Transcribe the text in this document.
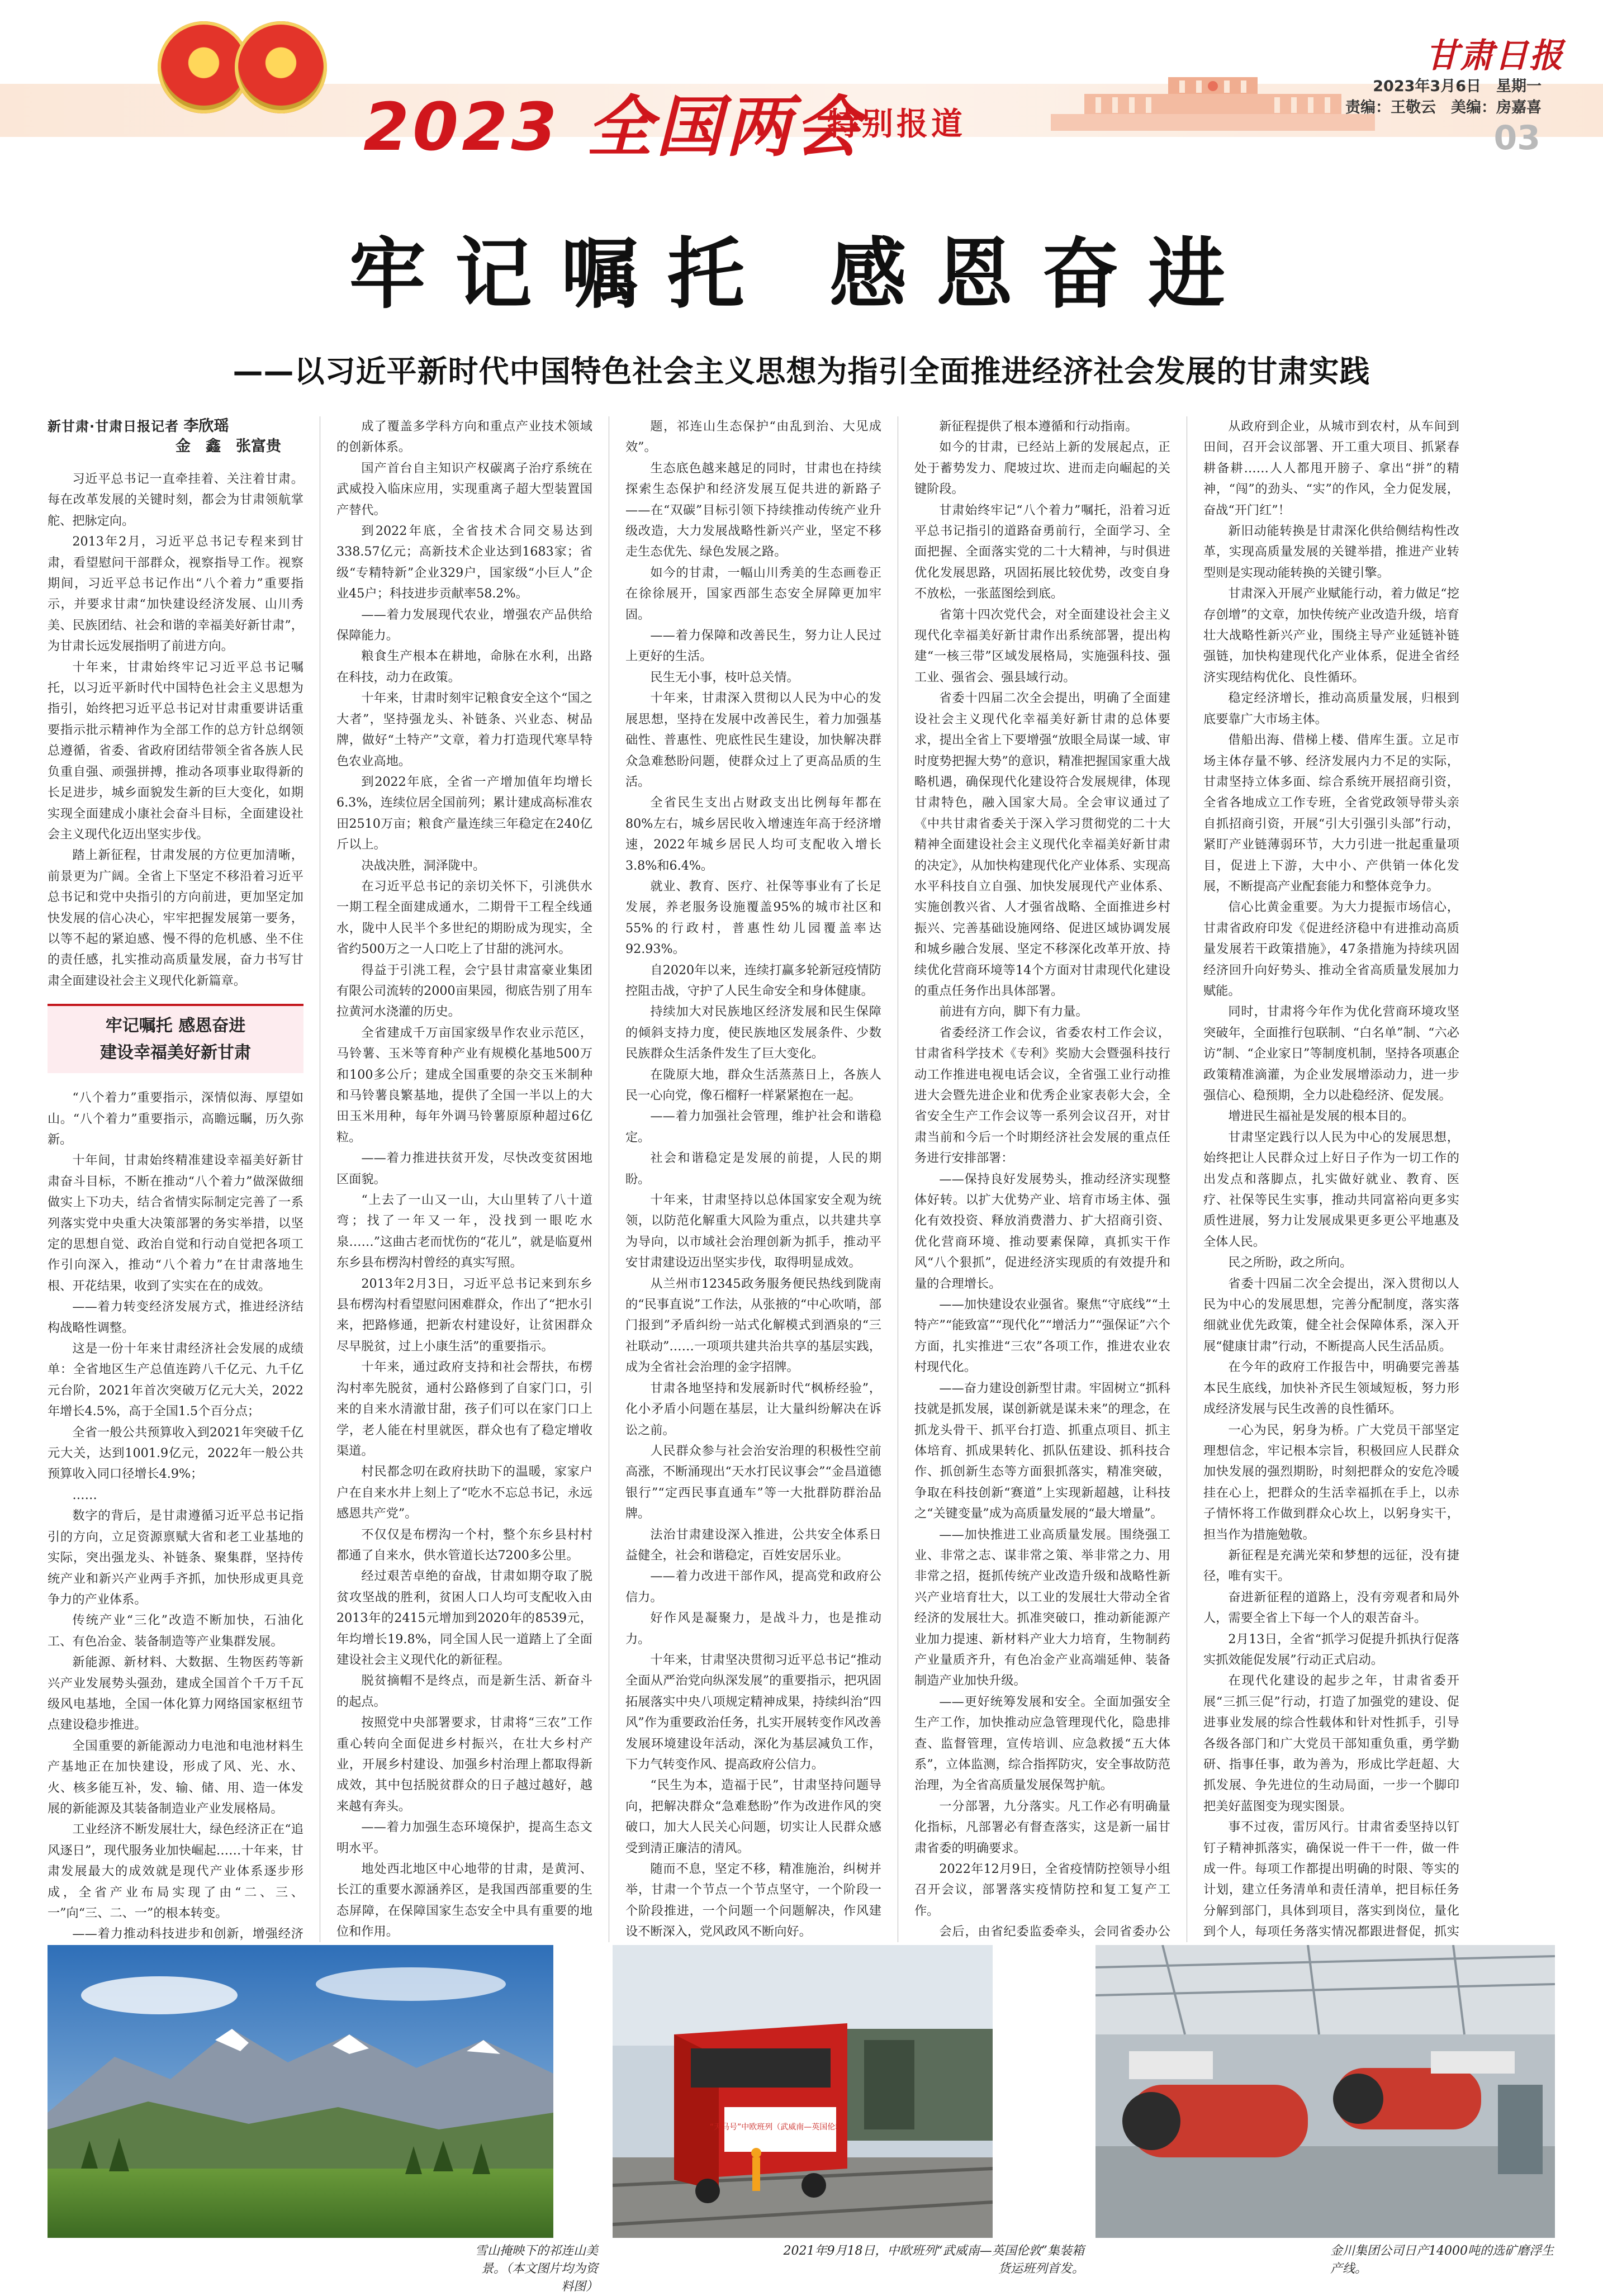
★
★
2023 全国两会
特别报道
甘肃日报
2023年3月6日　星期一
责编：王敬云　美编：房嘉喜
03
牢记嘱托 感恩奋进
——以习近平新时代中国特色社会主义思想为指引全面推进经济社会发展的甘肃实践
新甘肃·甘肃日报记者 李欣瑶
金　鑫　张富贵

习近平总书记一直牵挂着、关注着甘肃。每在改革发展的关键时刻，都会为甘肃领航掌舵、把脉定向。

2013年2月，习近平总书记专程来到甘肃，看望慰问干部群众，视察指导工作。视察期间，习近平总书记作出“八个着力”重要指示，并要求甘肃“加快建设经济发展、山川秀美、民族团结、社会和谐的幸福美好新甘肃”，为甘肃长远发展指明了前进方向。

十年来，甘肃始终牢记习近平总书记嘱托，以习近平新时代中国特色社会主义思想为指引，始终把习近平总书记对甘肃重要讲话重要指示批示精神作为全部工作的总方针总纲领总遵循，省委、省政府团结带领全省各族人民负重自强、顽强拼搏，推动各项事业取得新的长足进步，城乡面貌发生新的巨大变化，如期实现全面建成小康社会奋斗目标，全面建设社会主义现代化迈出坚实步伐。

踏上新征程，甘肃发展的方位更加清晰，前景更为广阔。全省上下坚定不移沿着习近平总书记和党中央指引的方向前进，更加坚定加快发展的信心决心，牢牢把握发展第一要务，以等不起的紧迫感、慢不得的危机感、坐不住的责任感，扎实推动高质量发展，奋力书写甘肃全面建设社会主义现代化新篇章。

牢记嘱托 感恩奋进
建设幸福美好新甘肃

“八个着力”重要指示，深情似海、厚望如山。“八个着力”重要指示，高瞻远瞩，历久弥新。

十年间，甘肃始终精准建设幸福美好新甘肃奋斗目标，不断在推动“八个着力”做深做细做实上下功夫，结合省情实际制定完善了一系列落实党中央重大决策部署的务实举措，以坚定的思想自觉、政治自觉和行动自觉把各项工作引向深入，推动“八个着力”在甘肃落地生根、开花结果，收到了实实在在的成效。

——着力转变经济发展方式，推进经济结构战略性调整。

这是一份十年来甘肃经济社会发展的成绩单：全省地区生产总值连跨八千亿元、九千亿元台阶，2021年首次突破万亿元大关，2022年增长4.5%，高于全国1.5个百分点；

全省一般公共预算收入到2021年突破千亿元大关，达到1001.9亿元，2022年一般公共预算收入同口径增长4.9%；

……

数字的背后，是甘肃遵循习近平总书记指引的方向，立足资源禀赋大省和老工业基地的实际，突出强龙头、补链条、聚集群，坚持传统产业和新兴产业两手齐抓，加快形成更具竞争力的产业体系。

传统产业“三化”改造不断加快，石油化工、有色冶金、装备制造等产业集群发展。

新能源、新材料、大数据、生物医药等新兴产业发展势头强劲，建成全国首个千万千瓦级风电基地，全国一体化算力网络国家枢纽节点建设稳步推进。

全国重要的新能源动力电池和电池材料生产基地正在加快建设，形成了风、光、水、火、核多能互补，发、输、储、用、造一体发展的新能源及其装备制造业产业发展格局。

工业经济不断发展壮大，绿色经济正在“追风逐日”，现代服务业加快崛起……十年来，甘肃发展最大的成效就是现代产业体系逐步形成，全省产业布局实现了由“二、三、一”向“三、二、一”的根本转变。

——着力推动科技进步和创新，增强经济

成了覆盖多学科方向和重点产业技术领域的创新体系。

国产首台自主知识产权碳离子治疗系统在武威投入临床应用，实现重离子超大型装置国产替代。

到2022年底，全省技术合同交易达到338.57亿元；高新技术企业达到1683家；省级“专精特新”企业329户，国家级“小巨人”企业45户；科技进步贡献率58.2%。

——着力发展现代农业，增强农产品供给保障能力。

粮食生产根本在耕地，命脉在水利，出路在科技，动力在政策。

十年来，甘肃时刻牢记粮食安全这个“国之大者”，坚持强龙头、补链条、兴业态、树品牌，做好“土特产”文章，着力打造现代寒旱特色农业高地。

到2022年底，全省一产增加值年均增长6.3%，连续位居全国前列；累计建成高标准农田2510万亩；粮食产量连续三年稳定在240亿斤以上。

决战决胜，洞泽陇中。

在习近平总书记的亲切关怀下，引洮供水一期工程全面建成通水，二期骨干工程全线通水，陇中人民半个多世纪的期盼成为现实，全省约500万之一人口吃上了甘甜的洮河水。

得益于引洮工程，会宁县甘肃富豪业集团有限公司流转的2000亩果园，彻底告别了用车拉黄河水浇灌的历史。

全省建成千万亩国家级旱作农业示范区，马铃薯、玉米等育种产业有规模化基地500万和100多公斤；建成全国重要的杂交玉米制种和马铃薯良繁基地，提供了全国一半以上的大田玉米用种，每年外调马铃薯原原种超过6亿粒。

——着力推进扶贫开发，尽快改变贫困地区面貌。

“上去了一山又一山，大山里转了八十道弯；找了一年又一年，没找到一眼吃水泉……”这曲古老而忧伤的“花儿”，就是临夏州东乡县布楞沟村曾经的真实写照。

2013年2月3日，习近平总书记来到东乡县布楞沟村看望慰问困难群众，作出了“把水引来，把路修通，把新农村建设好，让贫困群众尽早脱贫，过上小康生活”的重要指示。

十年来，通过政府支持和社会帮扶，布楞沟村率先脱贫，通村公路修到了自家门口，引来的自来水清澈甘甜，孩子们可以在家门口上学，老人能在村里就医，群众也有了稳定增收渠道。

村民都念叨在政府扶助下的温暖，家家户户在自来水井上刻上了“吃水不忘总书记，永远感恩共产党”。

不仅仅是布楞沟一个村，整个东乡县村村都通了自来水，供水管道长达7200多公里。

经过艰苦卓绝的奋战，甘肃如期夺取了脱贫攻坚战的胜利，贫困人口人均可支配收入由2013年的2415元增加到2020年的8539元，年均增长19.8%，同全国人民一道踏上了全面建设社会主义现代化的新征程。

脱贫摘帽不是终点，而是新生活、新奋斗的起点。

按照党中央部署要求，甘肃将“三农”工作重心转向全面促进乡村振兴，在壮大乡村产业，开展乡村建设、加强乡村治理上都取得新成效，其中包括脱贫群众的日子越过越好，越来越有奔头。

——着力加强生态环境保护，提高生态文明水平。

地处西北地区中心地带的甘肃，是黄河、长江的重要水源涵养区，是我国西部重要的生态屏障，在保障国家生态安全中具有重要的地位和作用。

题，祁连山生态保护“由乱到治、大见成效”。

生态底色越来越足的同时，甘肃也在持续探索生态保护和经济发展互促共进的新路子——在“双碳”目标引领下持续推动传统产业升级改造，大力发展战略性新兴产业，坚定不移走生态优先、绿色发展之路。

如今的甘肃，一幅山川秀美的生态画卷正在徐徐展开，国家西部生态安全屏障更加牢固。

——着力保障和改善民生，努力让人民过上更好的生活。

民生无小事，枝叶总关情。

十年来，甘肃深入贯彻以人民为中心的发展思想，坚持在发展中改善民生，着力加强基础性、普惠性、兜底性民生建设，加快解决群众急难愁盼问题，使群众过上了更高品质的生活。

全省民生支出占财政支出比例每年都在80%左右，城乡居民收入增速连年高于经济增速，2022年城乡居民人均可支配收入增长3.8%和6.4%。

就业、教育、医疗、社保等事业有了长足发展，养老服务设施覆盖95%的城市社区和55%的行政村，普惠性幼儿园覆盖率达92.93%。

自2020年以来，连续打赢多轮新冠疫情防控阻击战，守护了人民生命安全和身体健康。

持续加大对民族地区经济发展和民生保障的倾斜支持力度，使民族地区发展条件、少数民族群众生活条件发生了巨大变化。

在陇原大地，群众生活蒸蒸日上，各族人民一心向党，像石榴籽一样紧紧抱在一起。

——着力加强社会管理，维护社会和谐稳定。

社会和谐稳定是发展的前提，人民的期盼。

十年来，甘肃坚持以总体国家安全观为统领，以防范化解重大风险为重点，以共建共享为导向，以市域社会治理创新为抓手，推动平安甘肃建设迈出坚实步伐，取得明显成效。

从兰州市12345政务服务便民热线到陇南的“民事直说”工作法，从张掖的“中心吹哨，部门报到”矛盾纠纷一站式化解模式到酒泉的“三社联动”……一项项共建共治共享的基层实践，成为全省社会治理的金字招牌。

甘肃各地坚持和发展新时代“枫桥经验”，化小矛盾小问题在基层，让大量纠纷解决在诉讼之前。

人民群众参与社会治安治理的积极性空前高涨，不断涌现出“天水打民议事会”“金昌道德银行”“定西民事直通车”等一大批群防群治品牌。

法治甘肃建设深入推进，公共安全体系日益健全，社会和谐稳定，百姓安居乐业。

——着力改进干部作风，提高党和政府公信力。

好作风是凝聚力，是战斗力，也是推动力。

十年来，甘肃坚决贯彻习近平总书记“推动全面从严治党向纵深发展”的重要指示，把巩固拓展落实中央八项规定精神成果，持续纠治“四风”作为重要政治任务，扎实开展转变作风改善发展环境建设年活动，深化为基层减负工作，下力气转变作风、提高政府公信力。

“民生为本，造福于民”，甘肃坚持问题导向，把解决群众“急难愁盼”作为改进作风的突破口，加大人民关心问题，切实让人民群众感受到清正廉洁的清风。

随而不息，坚定不移，精准施治，纠树并举，甘肃一个节点一个节点坚守，一个阶段一个阶段推进，一个问题一个问题解决，作风建设不断深入，党风政风不断向好。

新征程提供了根本遵循和行动指南。

如今的甘肃，已经站上新的发展起点，正处于蓄势发力、爬坡过坎、进而走向崛起的关键阶段。

甘肃始终牢记“八个着力”嘱托，沿着习近平总书记指引的道路奋勇前行，全面学习、全面把握、全面落实党的二十大精神，与时俱进优化发展思路，巩固拓展比较优势，改变自身不放松，一张蓝图绘到底。

省第十四次党代会，对全面建设社会主义现代化幸福美好新甘肃作出系统部署，提出构建“一核三带”区域发展格局，实施强科技、强工业、强省会、强县域行动。

省委十四届二次全会提出，明确了全面建设社会主义现代化幸福美好新甘肃的总体要求，提出全省上下要增强“放眼全局谋一域、审时度势把握大势”的意识，精准把握国家重大战略机遇，确保现代化建设符合发展规律，体现甘肃特色，融入国家大局。全会审议通过了《中共甘肃省委关于深入学习贯彻党的二十大精神全面建设社会主义现代化幸福美好新甘肃的决定》，从加快构建现代化产业体系、实现高水平科技自立自强、加快发展现代产业体系、实施创教兴省、人才强省战略、全面推进乡村振兴、完善基础设施网络、促进区域协调发展和城乡融合发展、坚定不移深化改革开放、持续优化营商环境等14个方面对甘肃现代化建设的重点任务作出具体部署。

前进有方向，脚下有力量。

省委经济工作会议，省委农村工作会议，甘肃省科学技术《专利》奖励大会暨强科技行动工作推进电视电话会议，全省强工业行动推进大会暨先进企业和优秀企业家表彰大会，全省安全生产工作会议等一系列会议召开，对甘肃当前和今后一个时期经济社会发展的重点任务进行安排部署：

——保持良好发展势头，推动经济实现整体好转。以扩大优势产业、培育市场主体、强化有效投资、释放消费潜力、扩大招商引资、优化营商环境、推动要素保障，真抓实干作风“八个狠抓”，促进经济实现质的有效提升和量的合理增长。

——加快建设农业强省。聚焦“守底线”“土特产”“能致富”“现代化”“增活力”“强保证”六个方面，扎实推进“三农”各项工作，推进农业农村现代化。

——奋力建设创新型甘肃。牢固树立“抓科技就是抓发展，谋创新就是谋未来”的理念，在抓龙头骨干、抓平台打造、抓重点项目、抓主体培育、抓成果转化、抓队伍建设、抓科技合作、抓创新生态等方面狠抓落实，精准突破，争取在科技创新“赛道”上实现新超越，让科技之“关键变量”成为高质量发展的“最大增量”。

——加快推进工业高质量发展。围绕强工业、非常之志、谋非常之策、举非常之力、用非常之招，挺抓传统产业改造升级和战略性新兴产业培育壮大，以工业的发展壮大带动全省经济的发展壮大。抓准突破口，推动新能源产业加力提速、新材料产业大力培育，生物制药产业量质齐升，有色冶金产业高端延伸、装备制造产业加快升级。

——更好统筹发展和安全。全面加强安全生产工作，加快推动应急管理现代化，隐患排查、监督管理，宣传培训、应急救援“五大体系”，立体监测，综合指挥防灾，安全事故防范治理，为全省高质量发展保驾护航。

一分部署，九分落实。凡工作必有明确量化指标，凡部署必有督查落实，这是新一届甘肃省委的明确要求。

2022年12月9日，全省疫情防控领导小组召开会议，部署落实疫情防控和复工复产工作。

会后，由省纪委监委牵头，会同省委办公

从政府到企业，从城市到农村，从车间到田间，召开会议部署、开工重大项目、抓紧春耕备耕……人人都甩开膀子、拿出“拼”的精神，“闯”的劲头、“实”的作风，全力促发展，奋战“开门红”！

新旧动能转换是甘肃深化供给侧结构性改革，实现高质量发展的关键举措，推进产业转型则是实现动能转换的关键引擎。

甘肃深入开展产业赋能行动，着力做足“挖存创增”的文章，加快传统产业改造升级，培育壮大战略性新兴产业，围绕主导产业延链补链强链，加快构建现代化产业体系，促进全省经济实现结构优化、良性循环。

稳定经济增长，推动高质量发展，归根到底要靠广大市场主体。

借船出海、借梯上楼、借库生蛋。立足市场主体存量不够、经济发展内力不足的实际，甘肃坚持立体多面、综合系统开展招商引资，全省各地成立工作专班，全省党政领导带头亲自抓招商引资，开展“引大引强引头部”行动，紧盯产业链薄弱环节，大力引进一批起重量项目，促进上下游，大中小、产供销一体化发展，不断提高产业配套能力和整体竞争力。

信心比黄金重要。为大力提振市场信心，甘肃省政府印发《促进经济稳中有进推动高质量发展若干政策措施》，47条措施为持续巩固经济回升向好势头、推动全省高质量发展加力赋能。

同时，甘肃将今年作为优化营商环境攻坚突破年，全面推行包联制、“白名单”制、“六必访”制、“企业家日”等制度机制，坚持各项惠企政策精准滴灌，为企业发展增添动力，进一步强信心、稳预期，全力以赴稳经济、促发展。

增进民生福祉是发展的根本目的。

甘肃坚定践行以人民为中心的发展思想，始终把让人民群众过上好日子作为一切工作的出发点和落脚点，扎实做好就业、教育、医疗、社保等民生实事，推动共同富裕向更多实质性进展，努力让发展成果更多更公平地惠及全体人民。

民之所盼，政之所向。

省委十四届二次全会提出，深入贯彻以人民为中心的发展思想，完善分配制度，落实落细就业优先政策，健全社会保障体系，深入开展“健康甘肃”行动，不断提高人民生活品质。

在今年的政府工作报告中，明确要完善基本民生底线，加快补齐民生领域短板，努力形成经济发展与民生改善的良性循环。

一心为民，躬身为桥。广大党员干部坚定理想信念，牢记根本宗旨，积极回应人民群众加快发展的强烈期盼，时刻把群众的安危冷暖挂在心上，把群众的生活幸福抓在手上，以赤子情怀将工作做到群众心坎上，以躬身实干，担当作为措施勉敬。

新征程是充满光荣和梦想的远征，没有捷径，唯有实干。

奋进新征程的道路上，没有旁观者和局外人，需要全省上下每一个人的艰苦奋斗。

2月13日，全省“抓学习促提升抓执行促落实抓效能促发展”行动正式启动。

在现代化建设的起步之年，甘肃省委开展“三抓三促”行动，打造了加强党的建设、促进事业发展的综合性载体和针对性抓手，引导各级各部门和广大党员干部知重负重，勇学勤研、指事任事，敢为善为，形成比学赶超、大抓发展、争先进位的生动局面，一步一个脚印把美好蓝图变为现实图景。

事不过夜，雷厉风行。甘肃省委坚持以钉钉子精神抓落实，确保说一件干一件，做一件成一件。每项工作都提出明确的时限、等实的计划，建立任务清单和责任清单，把目标任务分解到部门，具体到项目，落实到岗位，量化到个人，每项任务落实情况都跟进督促，抓实

“天马号”中欧班列（武威南—英国伦敦）
雪山掩映下的祁连山美景。（本文图片均为资料图）
2021年9月18日，中欧班列“武威南—英国伦敦”集装箱货运班列首发。
金川集团公司日产14000吨的选矿磨浮生产线。
